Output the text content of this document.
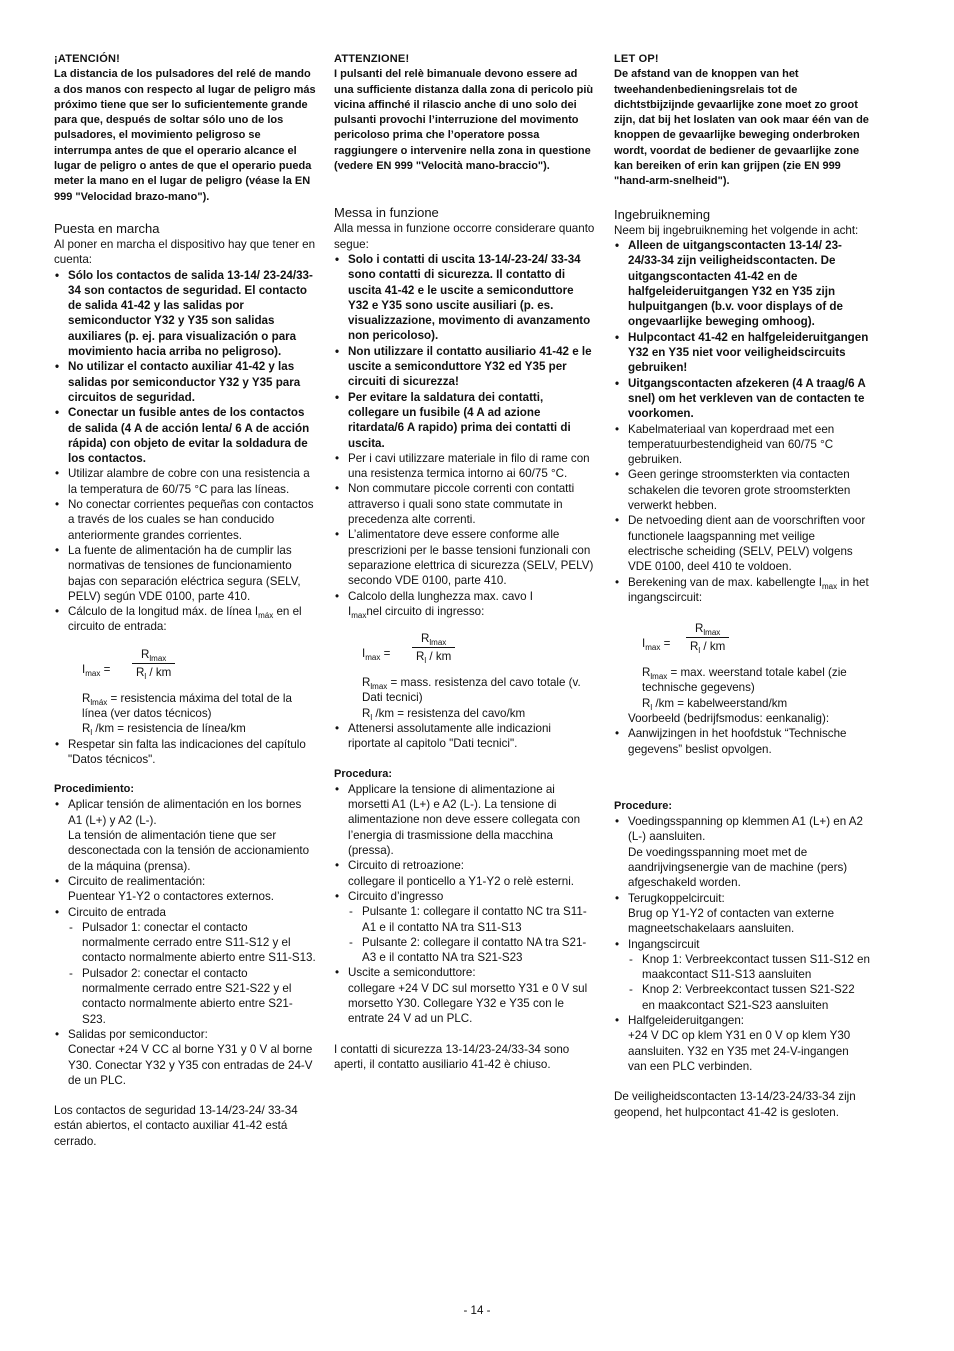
¡ATENCIÓN!
La distancia de los pulsadores del relé de mando a dos manos con respecto al lugar de peligro más próximo tiene que ser lo suficientemente grande para que, después de soltar sólo uno de los pulsadores, el movimiento peligroso se interrumpa antes de que el operario alcance el lugar de peligro o antes de que el operario pueda meter la mano en el lugar de peligro (véase la EN 999 "Velocidad brazo-mano").
Puesta en marcha
Al poner en marcha el dispositivo hay que tener en cuenta:
• Sólo los contactos de salida 13-14/ 23-24/33-34 son contactos de seguridad. El contacto de salida 41-42 y las salidas por semiconductor Y32 y Y35 son salidas auxiliares (p. ej. para visualización o para movimiento hacia arriba no peligroso).
• No utilizar el contacto auxiliar 41-42 y las salidas por semiconductor Y32 y Y35 para circuitos de seguridad.
• Conectar un fusible antes de los contactos de salida (4 A de acción lenta/ 6 A de acción rápida) con objeto de evitar la soldadura de los contactos.
• Utilizar alambre de cobre con una resistencia a la temperatura de 60/75 °C para las líneas.
• No conectar corrientes pequeñas con contactos a través de los cuales se han conducido anteriormente grandes corrientes.
• La fuente de alimentación ha de cumplir las normativas de tensiones de funcionamiento bajas con separación eléctrica segura (SELV, PELV) según VDE 0100, parte 410.
• Cálculo de la longitud máx. de línea $I_{máx}$ en el circuito de entrada:
$I_{max}$ =
$R_{lmax}$
$R_l$ / km
$R_{lmáx}$ = resistencia máxima del total de la línea (ver datos técnicos)
$R_l$ /km = resistencia de línea/km
• Respetar sin falta las indicaciones del capítulo "Datos técnicos".
Procedimiento:
• Aplicar tensión de alimentación en los bornes A1 (L+) y A2 (L-).
La tensión de alimentación tiene que ser desconectada con la tensión de accionamiento de la máquina (prensa).
• Circuito de realimentación:
Puentear Y1-Y2 o contactores externos.
• Circuito de entrada
- Pulsador 1: conectar el contacto normalmente cerrado entre S11-S12 y el contacto normalmente abierto entre S11-S13.
- Pulsador 2: conectar el contacto normalmente cerrado entre S21-S22 y el contacto normalmente abierto entre S21-S23.
• Salidas por semiconductor:
Conectar +24 V CC al borne Y31 y 0 V al borne Y30. Conectar Y32 y Y35 con entradas de 24-V de un PLC.
Los contactos de seguridad 13-14/23-24/ 33-34 están abiertos, el contacto auxiliar 41-42 está cerrado.
ATTENZIONE!
I pulsanti del relè bimanuale devono essere ad una sufficiente distanza dalla zona di pericolo più vicina affinché il rilascio anche di uno solo dei pulsanti provochi l’interruzione del movimento pericoloso prima che l’operatore possa raggiungere o intervenire nella zona in questione (vedere EN 999 "Velocità mano-braccio").
Messa in funzione
Alla messa in funzione occorre considerare quanto segue:
• Solo i contatti di uscita 13-14/-23-24/ 33-34 sono contatti di sicurezza. Il contatto di uscita 41-42 e le uscite a semiconduttore Y32 e Y35 sono uscite ausiliari (p. es. visualizzazione, movimento di avanzamento non pericoloso).
• Non utilizzare il contatto ausiliario 41-42 e le uscite a semiconduttore Y32 ed Y35 per circuiti di sicurezza!
• Per evitare la saldatura dei contatti, collegare un fusibile (4 A ad azione ritardata/6 A rapido) prima dei contatti di uscita.
• Per i cavi utilizzare materiale in filo di rame con una resistenza termica intorno ai 60/75 °C.
• Non commutare piccole correnti con contatti attraverso i quali sono state commutate in precedenza alte correnti.
• L’alimentatore deve essere conforme alle prescrizioni per le basse tensioni funzionali con separazione elettrica di sicurezza (SELV, PELV) secondo VDE 0100, parte 410.
• Calcolo della lunghezza max. cavo I
$I_{max}nel$ circuito di ingresso:
$I_{max}$ =
$R_{lmax}$
$R_l$ / km
$R_{lmax}$ = mass. resistenza del cavo totale (v. Dati tecnici)
$R_l$ /km = resistenza del cavo/km
• Attenersi assolutamente alle indicazioni riportate al capitolo "Dati tecnici".
Procedura:
• Applicare la tensione di alimentazione ai morsetti A1 (L+) e A2 (L-). La tensione di alimentazione non deve essere collegata con l’energia di trasmissione della macchina (pressa).
• Circuito di retroazione:
collegare il ponticello a Y1-Y2 o relè esterni.
• Circuito d’ingresso
- Pulsante 1: collegare il contatto NC tra S11-A1 e il contatto NA tra S11-S13
- Pulsante 2: collegare il contatto NA tra S21-A3 e il contatto NA tra S21-S23
• Uscite a semiconduttore:
collegare +24 V DC sul morsetto Y31 e 0 V sul morsetto Y30. Collegare Y32 e Y35 con le entrate 24 V ad un PLC.
I contatti di sicurezza 13-14/23-24/33-34 sono aperti, il contatto ausiliario 41-42 è chiuso.
LET OP!
De afstand van de knoppen van het tweehandenbedieningsrelais tot de dichtstbijzijnde gevaarlijke zone moet zo groot zijn, dat bij het loslaten van ook maar één van de knoppen de gevaarlijke beweging onderbroken wordt, voordat de bediener de gevaarlijke zone kan bereiken of erin kan grijpen (zie EN 999 "hand-arm-snelheid").
Ingebruikneming
Neem bij ingebruikneming het volgende in acht:
• Alleen de uitgangscontacten 13-14/ 23-24/33-34 zijn veiligheidscontacten. De uitgangscontacten 41-42 en de halfgeleideruitgangen Y32 en Y35 zijn hulpuitgangen (b.v. voor displays of de ongevaarlijke beweging omhoog).
• Hulpcontact 41-42 en halfgeleideruitgangen Y32 en Y35 niet voor veiligheidscircuits gebruiken!
• Uitgangscontacten afzekeren (4 A traag/6 A snel) om het verkleven van de contacten te voorkomen.
• Kabelmateriaal van koperdraad met een temperatuurbestendigheid van 60/75 °C gebruiken.
• Geen geringe stroomsterkten via contacten schakelen die tevoren grote stroomsterkten verwerkt hebben.
• De netvoeding dient aan de voorschriften voor functionele laagspanning met veilige electrische scheiding (SELV, PELV) volgens VDE 0100, deel 410 te voldoen.
• Berekening van de max. kabellengte $I_{max}$ in het ingangscircuit:
$I_{max}$ =
$R_{lmax}$
$R_l$ / km
$R_{lmax} = \max$. weerstand totale kabel (zie technische gegevens)
$R_l$ /km = kabelweerstand/km
Voorbeeld (bedrijfsmodus: eenkanalig):
• Aanwijzingen in het hoofdstuk “Technische gegevens” beslist opvolgen.
Procedure:
• Voedingsspanning op klemmen A1 (L+) en A2 (L-) aansluiten.
De voedingsspanning moet met de aandrijvingsenergie van de machine (pers) afgeschakeld worden.
• Terugkoppelcircuit:
Brug op Y1-Y2 of contacten van externe magneetschakelaars aansluiten.
• Ingangscircuit
- Knop 1: Verbreekcontact tussen S11-S12 en maakcontact S11-S13 aansluiten
- Knop 2: Verbreekcontact tussen S21-S22 en maakcontact S21-S23 aansluiten
• Halfgeleideruitgangen:
+24 V DC op klem Y31 en 0 V op klem Y30 aansluiten. Y32 en Y35 met 24-V-ingangen van een PLC verbinden.
De veiligheidscontacten 13-14/23-24/33-34 zijn geopend, het hulpcontact 41-42 is gesloten.
- 14 -
